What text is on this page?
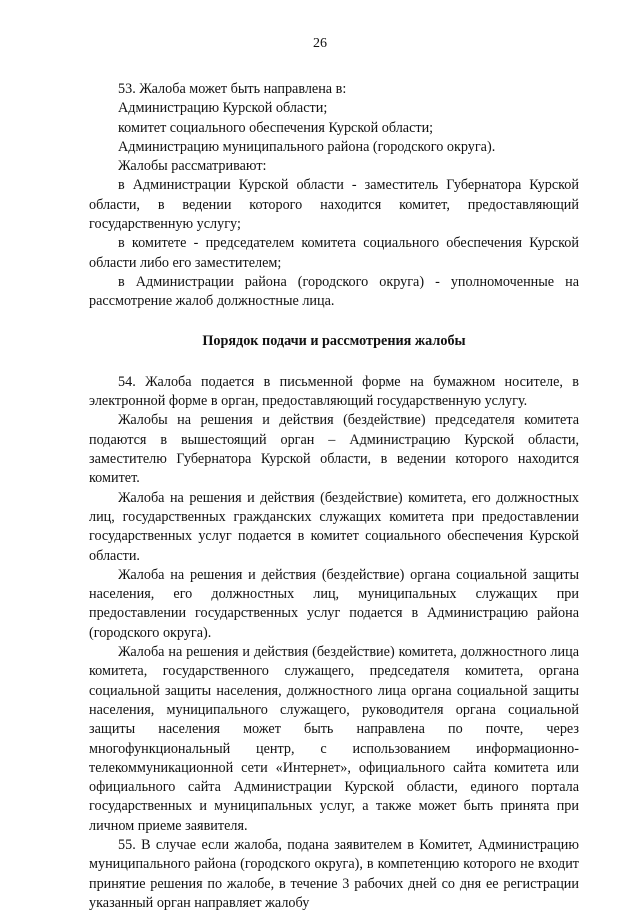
26

53. Жалоба может быть направлена в:

Администрацию Курской области;

комитет социального обеспечения Курской области;

Администрацию муниципального района (городского округа).

Жалобы рассматривают:

в Администрации Курской области - заместитель Губернатора Курской области, в ведении которого находится комитет, предоставляющий государственную услугу;

в комитете - председателем комитета социального обеспечения Курской области либо его заместителем;

в Администрации района (городского округа) - уполномоченные на рассмотрение жалоб должностные лица.

Порядок подачи и рассмотрения жалобы

54. Жалоба подается в письменной форме на бумажном носителе, в электронной форме в орган, предоставляющий государственную услугу.

Жалобы на решения и действия (бездействие) председателя комитета подаются в вышестоящий орган – Администрацию Курской области, заместителю Губернатора Курской области, в ведении которого находится комитет.

Жалоба на решения и действия (бездействие) комитета, его должностных лиц, государственных гражданских служащих комитета при предоставлении государственных услуг подается в комитет социального обеспечения Курской области.

Жалоба на решения и действия (бездействие) органа социальной защиты населения, его должностных лиц, муниципальных служащих при предоставлении государственных услуг подается в Администрацию района (городского округа).

Жалоба на решения и действия (бездействие) комитета, должностного лица комитета, государственного служащего, председателя комитета, органа социальной защиты населения, должностного лица органа социальной защиты населения, муниципального служащего, руководителя органа социальной защиты населения может быть направлена по почте, через многофункциональный центр, с использованием информационно-телекоммуникационной сети «Интернет», официального сайта комитета или официального сайта Администрации Курской области, единого портала государственных и муниципальных услуг, а также может быть принята при личном приеме заявителя.

55. В случае если жалоба, подана заявителем в Комитет, Администрацию муниципального района (городского округа), в компетенцию которого не входит принятие решения по жалобе, в течение 3 рабочих дней со дня ее регистрации указанный орган направляет жалобу
